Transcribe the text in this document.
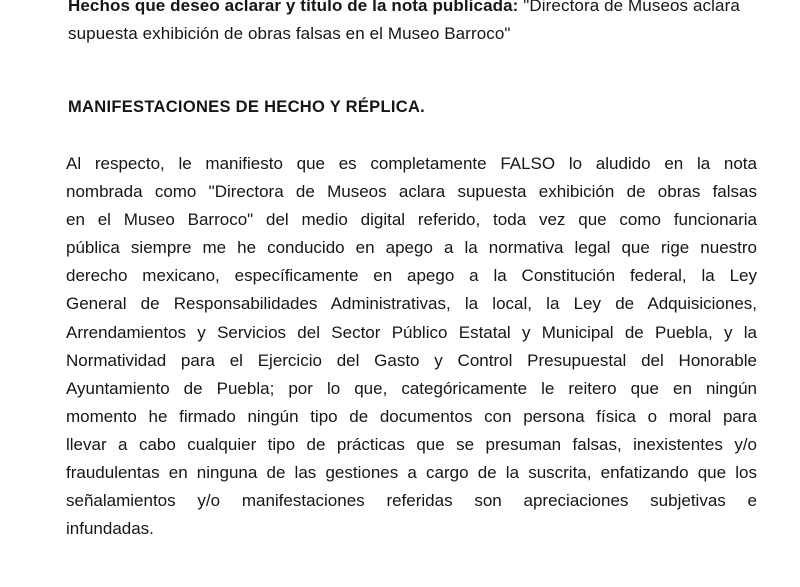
Hechos que deseo aclarar y título de la nota publicada: "Directora de Museos aclara supuesta exhibición de obras falsas en el Museo Barroco"
MANIFESTACIONES DE HECHO Y RÉPLICA.
Al respecto, le manifiesto que es completamente FALSO lo aludido en la nota
nombrada como "Directora de Museos aclara supuesta exhibición de obras falsas
en el Museo Barroco" del medio digital referido, toda vez que como funcionaria
pública siempre me he conducido en apego a la normativa legal que rige nuestro
derecho mexicano, específicamente en apego a la Constitución federal, la Ley
General de Responsabilidades Administrativas, la local, la Ley de Adquisiciones,
Arrendamientos y Servicios del Sector Público Estatal y Municipal de Puebla, y la
Normatividad para el Ejercicio del Gasto y Control Presupuestal del Honorable
Ayuntamiento de Puebla; por lo que, categóricamente le reitero que en ningún
momento he firmado ningún tipo de documentos con persona física o moral para
llevar a cabo cualquier tipo de prácticas que se presuman falsas, inexistentes y/o
fraudulentas en ninguna de las gestiones a cargo de la suscrita, enfatizando que los
señalamientos y/o manifestaciones referidas son apreciaciones subjetivas e
infundadas.
